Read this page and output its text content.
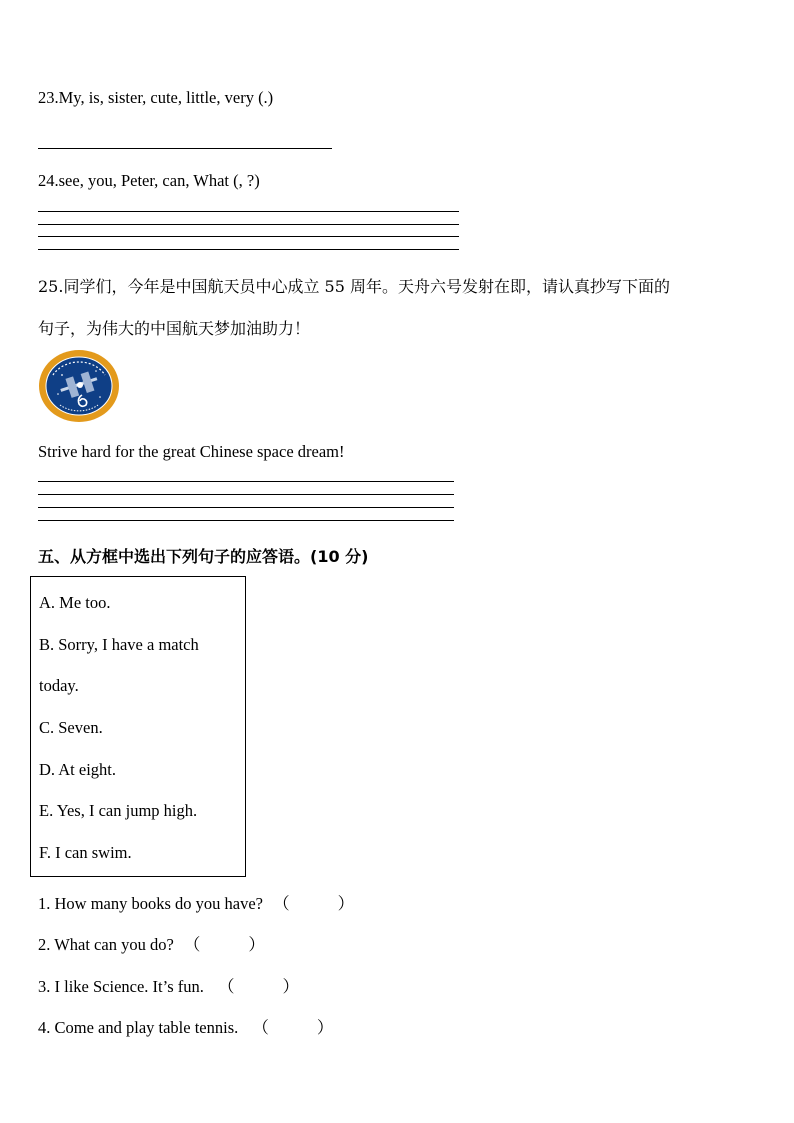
23.My, is, sister, cute, little, very (.)
24.see, you, Peter, can, What (, ?)
25.同学们，今年是中国航天员中心成立 55 周年。天舟六号发射在即，请认真抄写下面的
句子，为伟大的中国航天梦加油助力！
Strive hard for the great Chinese space dream!
五、从方框中选出下列句子的应答语。(10 分)
A. Me too.
B. Sorry, I have a match
today.
C. Seven.
D. At eight.
E. Yes, I can jump high.
F. I can swim.
1. How many books do you have? （	）
2. What can you do? （	）
3. I like Science. It’s fun. （	）
4. Come and play table tennis. （	）
